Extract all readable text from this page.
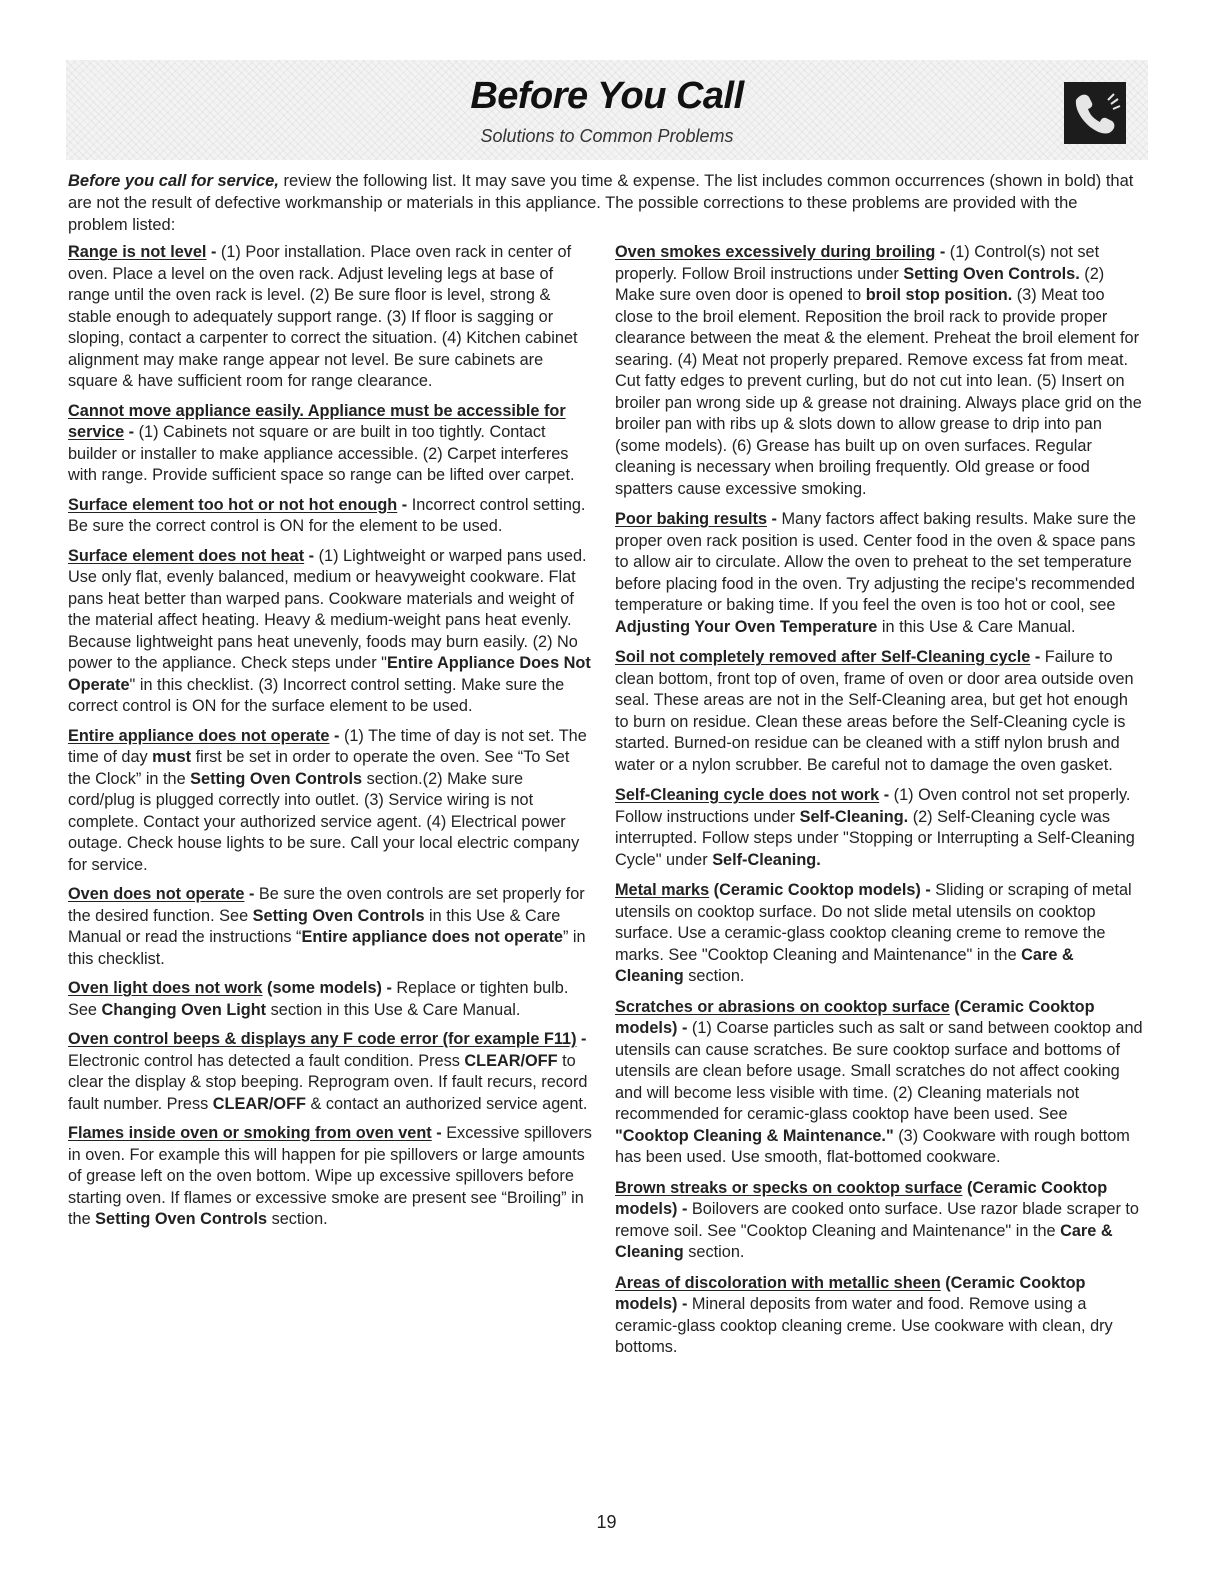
Before You Call
Solutions to Common Problems
Before you call for service, review the following list. It may save you time & expense. The list includes common occurrences (shown in bold) that are not the result of defective workmanship or materials in this appliance. The possible corrections to these problems are provided with the problem listed:

Range is not level - (1) Poor installation. Place oven rack in center of oven. Place a level on the oven rack. Adjust leveling legs at base of range until the oven rack is level. (2) Be sure floor is level, strong & stable enough to adequately support range. (3) If floor is sagging or sloping, contact a carpenter to correct the situation. (4) Kitchen cabinet alignment may make range appear not level. Be sure cabinets are square & have sufficient room for range clearance.

Cannot move appliance easily. Appliance must be accessible for service - (1) Cabinets not square or are built in too tightly. Contact builder or installer to make appliance accessible. (2) Carpet interferes with range. Provide sufficient space so range can be lifted over carpet.

Surface element too hot or not hot enough - Incorrect control setting. Be sure the correct control is ON for the element to be used.

Surface element does not heat - (1) Lightweight or warped pans used. Use only flat, evenly balanced, medium or heavyweight cookware. Flat pans heat better than warped pans. Cookware materials and weight of the material affect heating. Heavy & medium-weight pans heat evenly. Because lightweight pans heat unevenly, foods may burn easily. (2) No power to the appliance. Check steps under "Entire Appliance Does Not Operate" in this checklist. (3) Incorrect control setting. Make sure the correct control is ON for the surface element to be used.

Entire appliance does not operate - (1) The time of day is not set. The time of day must first be set in order to operate the oven. See “To Set the Clock” in the Setting Oven Controls section.(2) Make sure cord/plug is plugged correctly into outlet. (3) Service wiring is not complete. Contact your authorized service agent. (4) Electrical power outage. Check house lights to be sure. Call your local electric company for service.

Oven does not operate - Be sure the oven controls are set properly for the desired function. See Setting Oven Controls in this Use & Care Manual or read the instructions “Entire appliance does not operate” in this checklist.

Oven light does not work (some models) - Replace or tighten bulb. See Changing Oven Light section in this Use & Care Manual.

Oven control beeps & displays any F code error (for example F11) - Electronic control has detected a fault condition. Press CLEAR/OFF to clear the display & stop beeping. Reprogram oven. If fault recurs, record fault number. Press CLEAR/OFF & contact an authorized service agent.

Flames inside oven or smoking from oven vent - Excessive spillovers in oven. For example this will happen for pie spillovers or large amounts of grease left on the oven bottom. Wipe up excessive spillovers before starting oven. If flames or excessive smoke are present see “Broiling” in the Setting Oven Controls section.

Oven smokes excessively during broiling - (1) Control(s) not set properly. Follow Broil instructions under Setting Oven Controls. (2) Make sure oven door is opened to broil stop position. (3) Meat too close to the broil element. Reposition the broil rack to provide proper clearance between the meat & the element. Preheat the broil element for searing. (4) Meat not properly prepared. Remove excess fat from meat. Cut fatty edges to prevent curling, but do not cut into lean. (5) Insert on broiler pan wrong side up & grease not draining. Always place grid on the broiler pan with ribs up & slots down to allow grease to drip into pan (some models). (6) Grease has built up on oven surfaces. Regular cleaning is necessary when broiling frequently. Old grease or food spatters cause excessive smoking.

Poor baking results - Many factors affect baking results. Make sure the proper oven rack position is used. Center food in the oven & space pans to allow air to circulate. Allow the oven to preheat to the set temperature before placing food in the oven. Try adjusting the recipe's recommended temperature or baking time. If you feel the oven is too hot or cool, see Adjusting Your Oven Temperature in this Use & Care Manual.

Soil not completely removed after Self-Cleaning cycle - Failure to clean bottom, front top of oven, frame of oven or door area outside oven seal. These areas are not in the Self-Cleaning area, but get hot enough to burn on residue. Clean these areas before the Self-Cleaning cycle is started. Burned-on residue can be cleaned with a stiff nylon brush and water or a nylon scrubber. Be careful not to damage the oven gasket.

Self-Cleaning cycle does not work - (1) Oven control not set properly. Follow instructions under Self-Cleaning. (2) Self-Cleaning cycle was interrupted. Follow steps under "Stopping or Interrupting a Self-Cleaning Cycle" under Self-Cleaning.

Metal marks (Ceramic Cooktop models) - Sliding or scraping of metal utensils on cooktop surface. Do not slide metal utensils on cooktop surface. Use a ceramic-glass cooktop cleaning creme to remove the marks. See "Cooktop Cleaning and Maintenance" in the Care & Cleaning section.

Scratches or abrasions on cooktop surface (Ceramic Cooktop models) - (1) Coarse particles such as salt or sand between cooktop and utensils can cause scratches. Be sure cooktop surface and bottoms of utensils are clean before usage. Small scratches do not affect cooking and will become less visible with time. (2) Cleaning materials not recommended for ceramic-glass cooktop have been used. See "Cooktop Cleaning & Maintenance." (3) Cookware with rough bottom has been used. Use smooth, flat-bottomed cookware.

Brown streaks or specks on cooktop surface (Ceramic Cooktop models) - Boilovers are cooked onto surface. Use razor blade scraper to remove soil. See "Cooktop Cleaning and Maintenance" in the Care & Cleaning section.

Areas of discoloration with metallic sheen (Ceramic Cooktop models) - Mineral deposits from water and food. Remove using a ceramic-glass cooktop cleaning creme. Use cookware with clean, dry bottoms.

19
